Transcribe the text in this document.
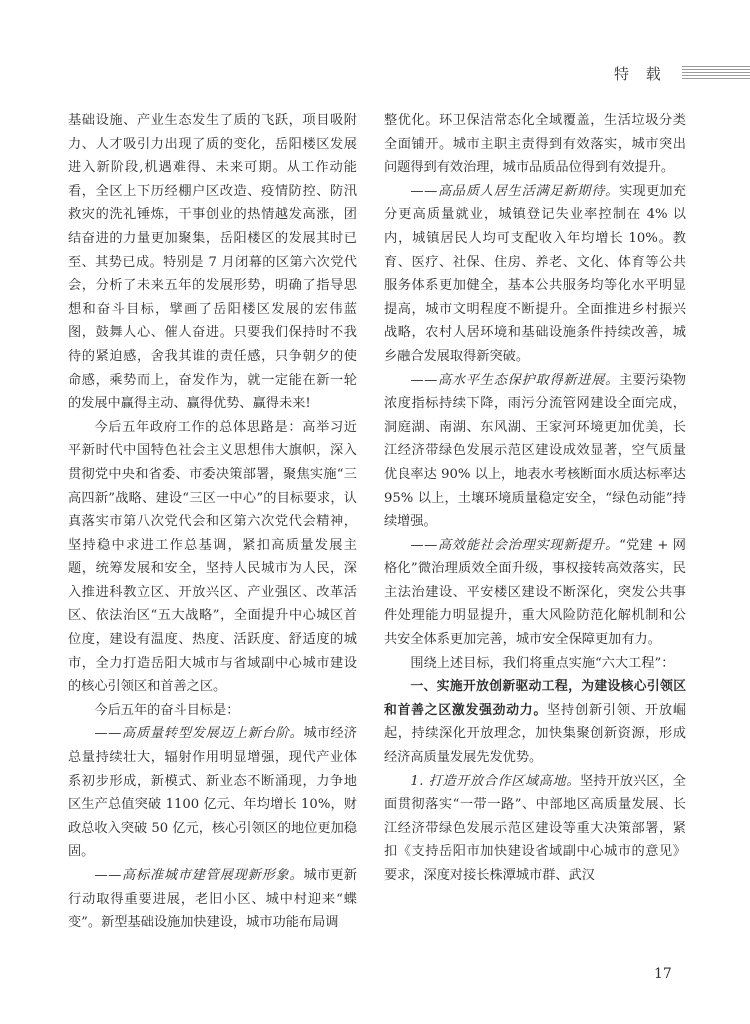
特 载

基础设施、产业生态发生了质的飞跃，项目吸附力、人才吸引力出现了质的变化，岳阳楼区发展进入新阶段,机遇难得、未来可期。从工作动能看，全区上下历经棚户区改造、疫情防控、防汛救灾的洗礼锤炼，干事创业的热情越发高涨，团结奋进的力量更加聚集，岳阳楼区的发展其时已至、其势已成。特别是 7 月闭幕的区第六次党代会，分析了未来五年的发展形势，明确了指导思想和奋斗目标，擘画了岳阳楼区发展的宏伟蓝图，鼓舞人心、催人奋进。只要我们保持时不我待的紧迫感，舍我其谁的责任感，只争朝夕的使命感，乘势而上，奋发作为，就一定能在新一轮的发展中赢得主动、赢得优势、赢得未来!

今后五年政府工作的总体思路是：高举习近平新时代中国特色社会主义思想伟大旗帜，深入贯彻党中央和省委、市委决策部署，聚焦实施“三高四新”战略、建设“三区一中心”的目标要求，认真落实市第八次党代会和区第六次党代会精神，坚持稳中求进工作总基调，紧扣高质量发展主题，统筹发展和安全，坚持人民城市为人民，深入推进科教立区、开放兴区、产业强区、改革活区、依法治区“五大战略”，全面提升中心城区首位度，建设有温度、热度、活跃度、舒适度的城市，全力打造岳阳大城市与省域副中心城市建设的核心引领区和首善之区。

今后五年的奋斗目标是：

——高质量转型发展迈上新台阶。城市经济总量持续壮大，辐射作用明显增强，现代产业体系初步形成，新模式、新业态不断涌现，力争地区生产总值突破 1100 亿元、年均增长 10%，财政总收入突破 50 亿元，核心引领区的地位更加稳固。

——高标准城市建管展现新形象。城市更新行动取得重要进展，老旧小区、城中村迎来“蝶变”。新型基础设施加快建设，城市功能布局调

整优化。环卫保洁常态化全域覆盖，生活垃圾分类全面铺开。城市主职主责得到有效落实，城市突出问题得到有效治理，城市品质品位得到有效提升。

——高品质人居生活满足新期待。实现更加充分更高质量就业，城镇登记失业率控制在 4% 以内，城镇居民人均可支配收入年均增长 10%。教育、医疗、社保、住房、养老、文化、体育等公共服务体系更加健全，基本公共服务均等化水平明显提高，城市文明程度不断提升。全面推进乡村振兴战略，农村人居环境和基础设施条件持续改善，城乡融合发展取得新突破。

——高水平生态保护取得新进展。主要污染物浓度指标持续下降，雨污分流管网建设全面完成，洞庭湖、南湖、东风湖、王家河环境更加优美，长江经济带绿色发展示范区建设成效显著，空气质量优良率达 90% 以上，地表水考核断面水质达标率达 95% 以上，土壤环境质量稳定安全，“绿色动能”持续增强。

——高效能社会治理实现新提升。“党建 + 网格化”微治理质效全面升级，事权接转高效落实，民主法治建设、平安楼区建设不断深化，突发公共事件处理能力明显提升，重大风险防范化解机制和公共安全体系更加完善，城市安全保障更加有力。

围绕上述目标，我们将重点实施“六大工程”：

一、实施开放创新驱动工程，为建设核心引领区和首善之区激发强劲动力。坚持创新引领、开放崛起，持续深化开放理念，加快集聚创新资源，形成经济高质量发展先发优势。

1. 打造开放合作区域高地。坚持开放兴区，全面贯彻落实“一带一路”、中部地区高质量发展、长江经济带绿色发展示范区建设等重大决策部署，紧扣《支持岳阳市加快建设省域副中心城市的意见》要求，深度对接长株潭城市群、武汉

17
